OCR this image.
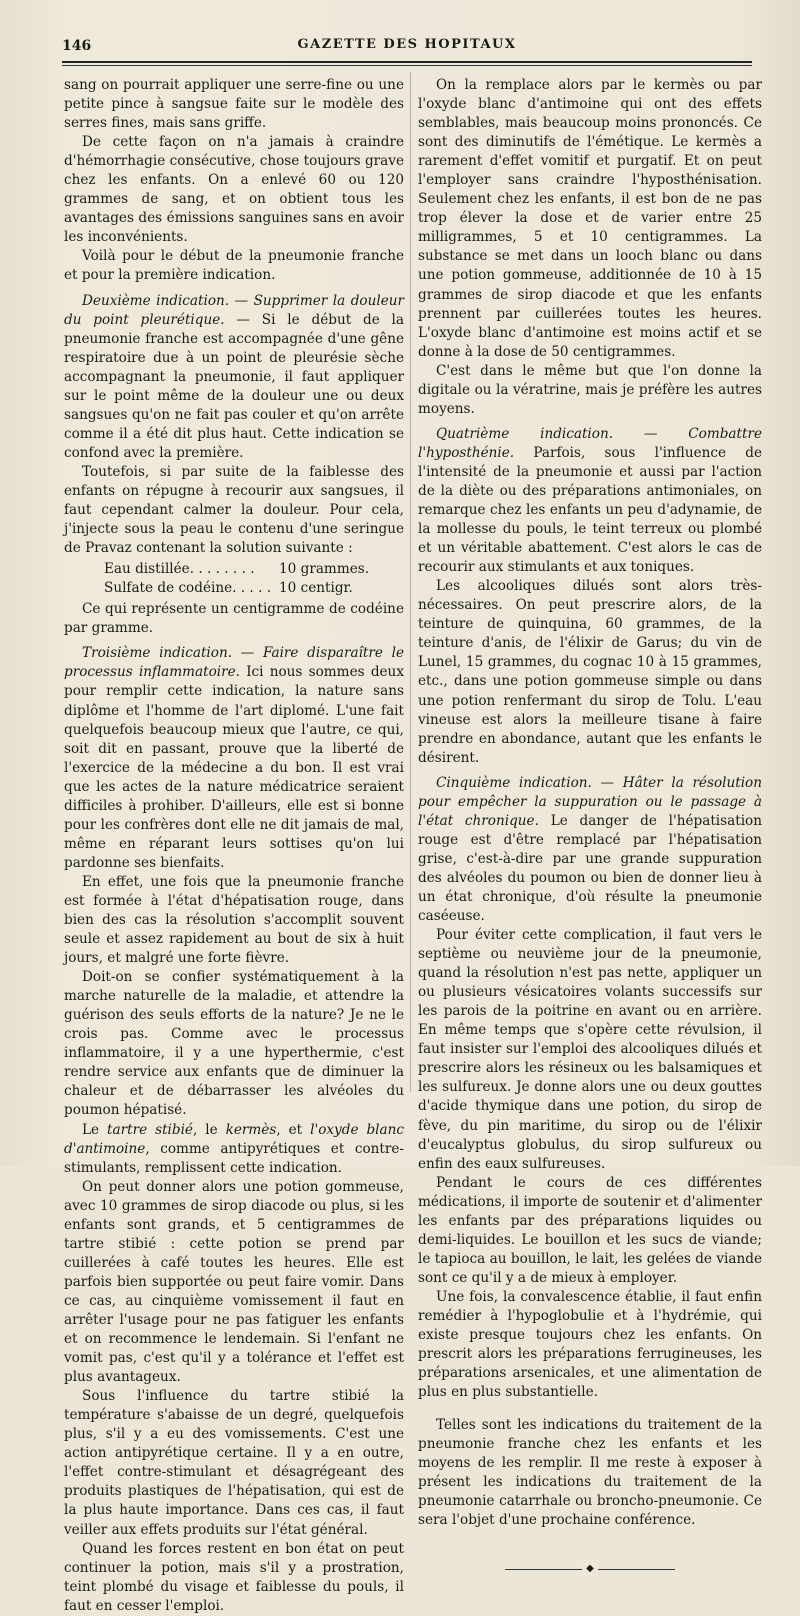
146	GAZETTE DES HOPITAUX

sang on pourrait appliquer une serre-fine ou une petite pince à sangsue faite sur le modèle des serres fines, mais sans griffe.

De cette façon on n'a jamais à craindre d'hémorrhagie consécutive, chose toujours grave chez les enfants. On a enlevé 60 ou 120 grammes de sang, et on obtient tous les avantages des émissions sanguines sans en avoir les inconvénients.

Voilà pour le début de la pneumonie franche et pour la première indication.

Deuxième indication. — Supprimer la douleur du point pleurétique. — Si le début de la pneumonie franche est accompagnée d'une gêne respiratoire due à un point de pleurésie sèche accompagnant la pneumonie, il faut appliquer sur le point même de la douleur une ou deux sangsues qu'on ne fait pas couler et qu'on arrête comme il a été dit plus haut. Cette indication se confond avec la première.

Toutefois, si par suite de la faiblesse des enfants on répugne à recourir aux sangsues, il faut cependant calmer la douleur. Pour cela, j'injecte sous la peau le contenu d'une seringue de Pravaz contenant la solution suivante :

Eau distillée. . . . . . . .	10 grammes.
Sulfate de codéine. . . . . 10 centigr.

Ce qui représente un centigramme de codéine par gramme.

Troisième indication. — Faire disparaître le processus inflammatoire. Ici nous sommes deux pour remplir cette indication, la nature sans diplôme et l'homme de l'art diplomé. L'une fait quelquefois beaucoup mieux que l'autre, ce qui, soit dit en passant, prouve que la liberté de l'exercice de la médecine a du bon. Il est vrai que les actes de la nature médicatrice seraient difficiles à prohiber. D'ailleurs, elle est si bonne pour les confrères dont elle ne dit jamais de mal, même en réparant leurs sottises qu'on lui pardonne ses bienfaits.

En effet, une fois que la pneumonie franche est formée à l'état d'hépatisation rouge, dans bien des cas la résolution s'accomplit souvent seule et assez rapidement au bout de six à huit jours, et malgré une forte fièvre.

Doit-on se confier systématiquement à la marche naturelle de la maladie, et attendre la guérison des seuls efforts de la nature? Je ne le crois pas. Comme avec le processus inflammatoire, il y a une hyperthermie, c'est rendre service aux enfants que de diminuer la chaleur et de débarrasser les alvéoles du poumon hépatisé.

Le tartre stibié, le kermès, et l'oxyde blanc d'antimoine, comme antipyrétiques et contre-stimulants, remplissent cette indication.

On peut donner alors une potion gommeuse, avec 10 grammes de sirop diacode ou plus, si les enfants sont grands, et 5 centigrammes de tartre stibié : cette potion se prend par cuillerées à café toutes les heures. Elle est parfois bien supportée ou peut faire vomir. Dans ce cas, au cinquième vomissement il faut en arrêter l'usage pour ne pas fatiguer les enfants et on recommence le lendemain. Si l'enfant ne vomit pas, c'est qu'il y a tolérance et l'effet est plus avantageux.

Sous l'influence du tartre stibié la température s'abaisse de un degré, quelquefois plus, s'il y a eu des vomissements. C'est une action antipyrétique certaine. Il y a en outre, l'effet contre-stimulant et désagrégeant des produits plastiques de l'hépatisation, qui est de la plus haute importance. Dans ces cas, il faut veiller aux effets produits sur l'état général.

Quand les forces restent en bon état on peut continuer la potion, mais s'il y a prostration, teint plombé du visage et faiblesse du pouls, il faut en cesser l'emploi.

On la remplace alors par le kermès ou par l'oxyde blanc d'antimoine qui ont des effets semblables, mais beaucoup moins prononcés. Ce sont des diminutifs de l'émétique. Le kermès a rarement d'effet vomitif et purgatif. Et on peut l'employer sans craindre l'hyposthénisation. Seulement chez les enfants, il est bon de ne pas trop élever la dose et de varier entre 25 milligrammes, 5 et 10 centigrammes. La substance se met dans un looch blanc ou dans une potion gommeuse, additionnée de 10 à 15 grammes de sirop diacode et que les enfants prennent par cuillerées toutes les heures. L'oxyde blanc d'antimoine est moins actif et se donne à la dose de 50 centigrammes.

C'est dans le même but que l'on donne la digitale ou la vératrine, mais je préfère les autres moyens.

Quatrième indication. — Combattre l'hyposthénie. Parfois, sous l'influence de l'intensité de la pneumonie et aussi par l'action de la diète ou des préparations antimoniales, on remarque chez les enfants un peu d'adynamie, de la mollesse du pouls, le teint terreux ou plombé et un véritable abattement. C'est alors le cas de recourir aux stimulants et aux toniques.

Les alcooliques dilués sont alors très-nécessaires. On peut prescrire alors, de la teinture de quinquina, 60 grammes, de la teinture d'anis, de l'élixir de Garus; du vin de Lunel, 15 grammes, du cognac 10 à 15 grammes, etc., dans une potion gommeuse simple ou dans une potion renfermant du sirop de Tolu. L'eau vineuse est alors la meilleure tisane à faire prendre en abondance, autant que les enfants le désirent.

Cinquième indication. — Hâter la résolution pour empêcher la suppuration ou le passage à l'état chronique. Le danger de l'hépatisation rouge est d'être remplacé par l'hépatisation grise, c'est-à-dire par une grande suppuration des alvéoles du poumon ou bien de donner lieu à un état chronique, d'où résulte la pneumonie caséeuse.

Pour éviter cette complication, il faut vers le septième ou neuvième jour de la pneumonie, quand la résolution n'est pas nette, appliquer un ou plusieurs vésicatoires volants successifs sur les parois de la poitrine en avant ou en arrière. En même temps que s'opère cette révulsion, il faut insister sur l'emploi des alcooliques dilués et prescrire alors les résineux ou les balsamiques et les sulfureux. Je donne alors une ou deux gouttes d'acide thymique dans une potion, du sirop de fève, du pin maritime, du sirop ou de l'élixir d'eucalyptus globulus, du sirop sulfureux ou enfin des eaux sulfureuses.

Pendant le cours de ces différentes médications, il importe de soutenir et d'alimenter les enfants par des préparations liquides ou demi-liquides. Le bouillon et les sucs de viande; le tapioca au bouillon, le lait, les gelées de viande sont ce qu'il y a de mieux à employer.

Une fois, la convalescence établie, il faut enfin remédier à l'hypoglobulie et à l'hydrémie, qui existe presque toujours chez les enfants. On prescrit alors les préparations ferrugineuses, les préparations arsenicales, et une alimentation de plus en plus substantielle.

Telles sont les indications du traitement de la pneumonie franche chez les enfants et les moyens de les remplir. Il me reste à exposer à présent les indications du traitement de la pneumonie catarrhale ou broncho-pneumonie. Ce sera l'objet d'une prochaine conférence.

◆
